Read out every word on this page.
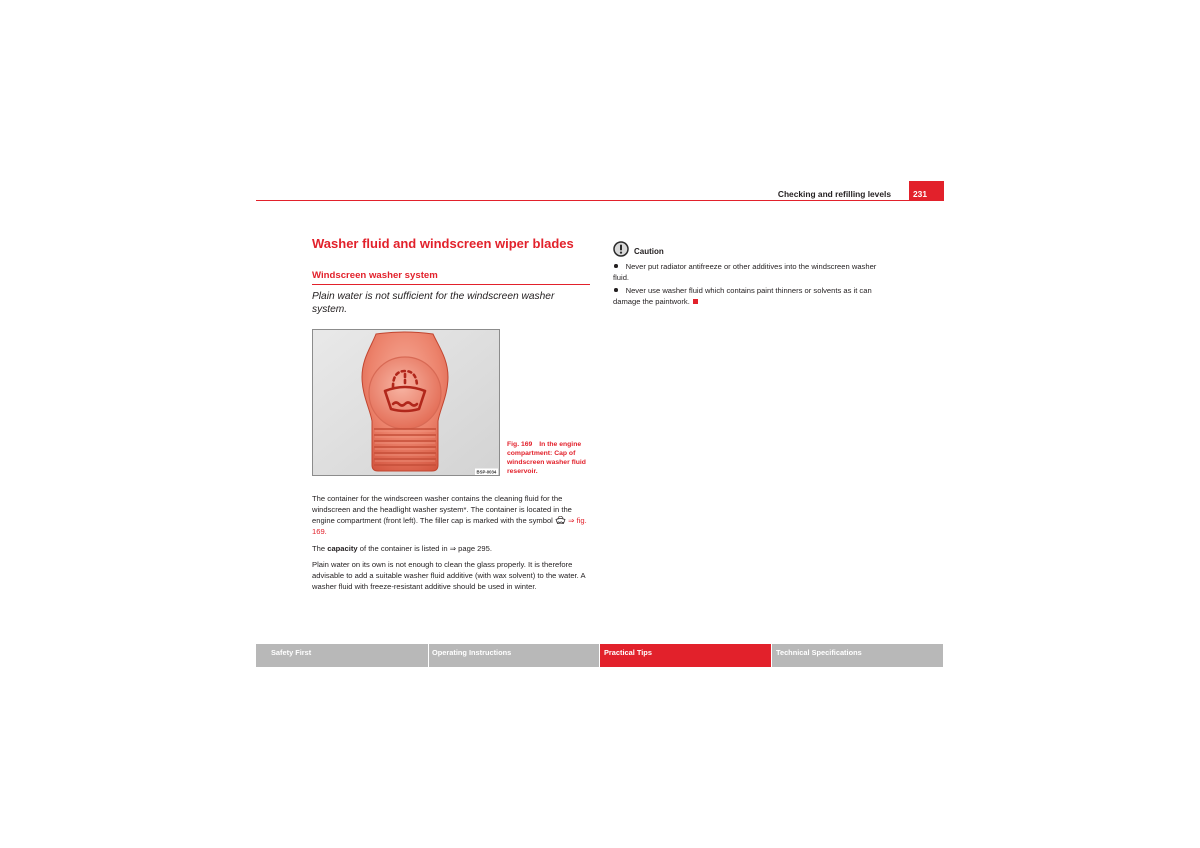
Checking and refilling levels	231
Washer fluid and windscreen wiper blades
Windscreen washer system
Plain water is not sufficient for the windscreen washer system.
BSP-0034
Fig. 169 In the engine compartment: Cap of windscreen washer fluid reservoir.

The container for the windscreen washer contains the cleaning fluid for the windscreen and the headlight washer system*. The container is located in the engine compartment (front left). The filler cap is marked with the symbol ⇒ fig. 169.

The capacity of the container is listed in ⇒ page 295.

Plain water on its own is not enough to clean the glass properly. It is therefore advisable to add a suitable washer fluid additive (with wax solvent) to the water. A washer fluid with freeze-resistant additive should be used in winter.

Caution

Never put radiator antifreeze or other additives into the windscreen washer fluid.

Never use washer fluid which contains paint thinners or solvents as it can damage the paintwork.

Safety First	Operating Instructions	Practical Tips	Technical Specifications
